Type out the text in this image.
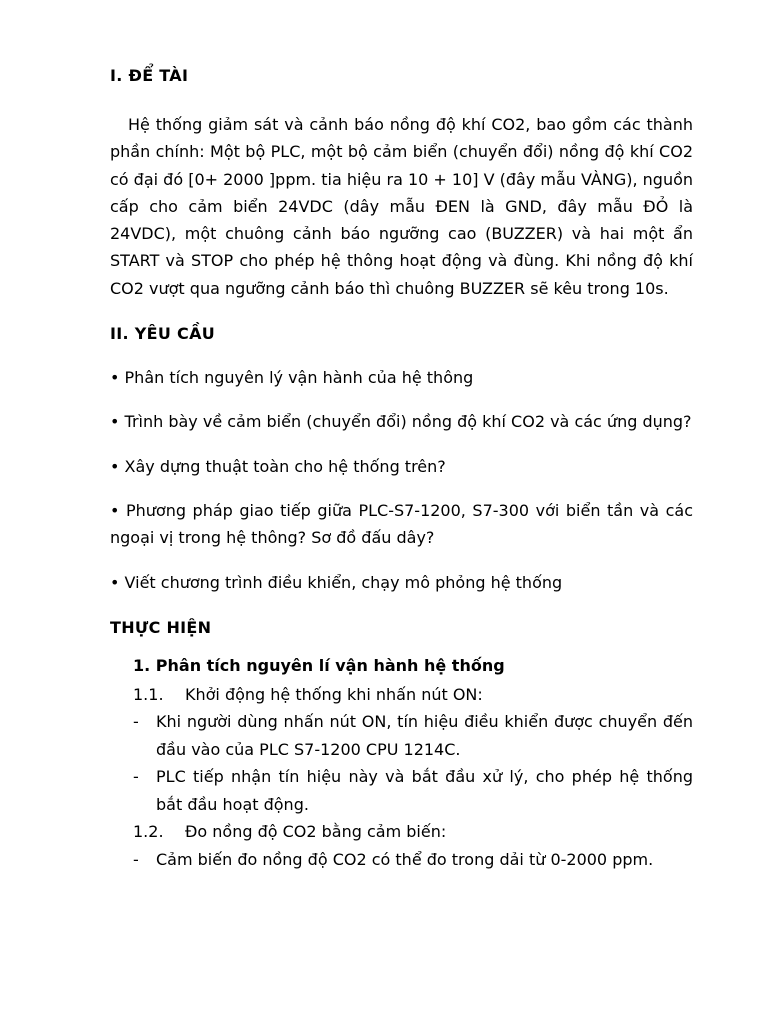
I. ĐỂ TÀI

Hệ thống giảm sát và cảnh báo nồng độ khí CO2, bao gồm các thành phần chính: Một bộ PLC, một bộ cảm biển (chuyển đổi) nồng độ khí CO2 có đại đó [0+ 2000 ]ppm. tia hiệu ra 10 + 10] V (đây mẫu VÀNG), nguồn cấp cho cảm biển 24VDC (dây mẫu ĐEN là GND, đây mẫu ĐỎ là 24VDC), một chuông cảnh báo ngưỡng cao (BUZZER) và hai một ẩn START và STOP cho phép hệ thông hoạt động và đùng. Khi nồng độ khí CO2 vượt qua ngưỡng cảnh báo thì chuông BUZZER sẽ kêu trong 10s.

II. YÊU CẦU

• Phân tích nguyên lý vận hành của hệ thông

• Trình bày về cảm biển (chuyển đổi) nồng độ khí CO2 và các ứng dụng?

• Xây dựng thuật toàn cho hệ thống trên?

• Phương pháp giao tiếp giữa PLC-S7-1200, S7-300 với biển tần và các ngoại vị trong hệ thông? Sơ đồ đấu dây?

• Viết chương trình điều khiển, chạy mô phỏng hệ thống

THỰC HIỆN
1. Phân tích nguyên lí vận hành hệ thống
1.1.	Khởi động hệ thống khi nhấn nút ON:
-	Khi người dùng nhấn nút ON, tín hiệu điều khiển được chuyển đến đầu vào của PLC S7-1200 CPU 1214C.
-	PLC tiếp nhận tín hiệu này và bắt đầu xử lý, cho phép hệ thống bắt đầu hoạt động.
1.2.	Đo nồng độ CO2 bằng cảm biến:
-	Cảm biến đo nồng độ CO2 có thể đo trong dải từ 0-2000 ppm.
